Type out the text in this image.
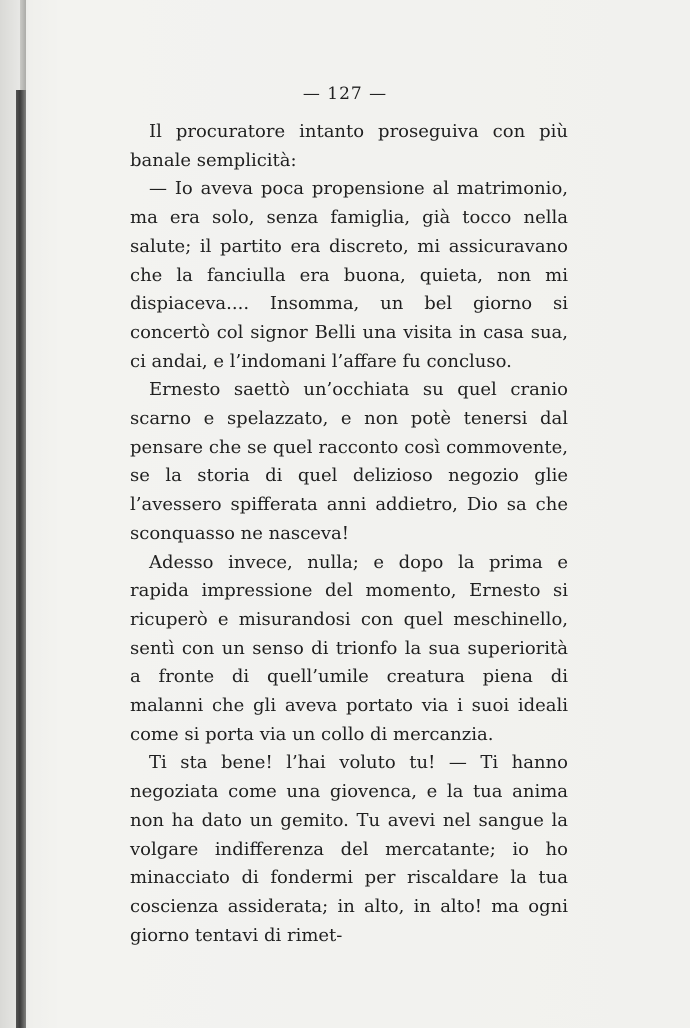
— 127 —

Il procuratore intanto proseguiva con più banale semplicità:

— Io aveva poca propensione al matrimonio, ma era solo, senza famiglia, già tocco nella salute; il partito era discreto, mi assicuravano che la fanciulla era buona, quieta, non mi dispiaceva.... Insomma, un bel giorno si concertò col signor Belli una visita in casa sua, ci andai, e l’indomani l’affare fu concluso.

Ernesto saettò un’occhiata su quel cranio scarno e spelazzato, e non potè tenersi dal pensare che se quel racconto così commovente, se la storia di quel delizioso negozio glie l’avessero spifferata anni addietro, Dio sa che sconquasso ne nasceva!

Adesso invece, nulla; e dopo la prima e rapida impressione del momento, Ernesto si ricuperò e misurandosi con quel meschinello, sentì con un senso di trionfo la sua superiorità a fronte di quell’umile creatura piena di malanni che gli aveva portato via i suoi ideali come si porta via un collo di mercanzia.

Ti sta bene! l’hai voluto tu! — Ti hanno negoziata come una giovenca, e la tua anima non ha dato un gemito. Tu avevi nel sangue la volgare indifferenza del mercatante; io ho minacciato di fondermi per riscaldare la tua coscienza assiderata; in alto, in alto! ma ogni giorno tentavi di rimet-
